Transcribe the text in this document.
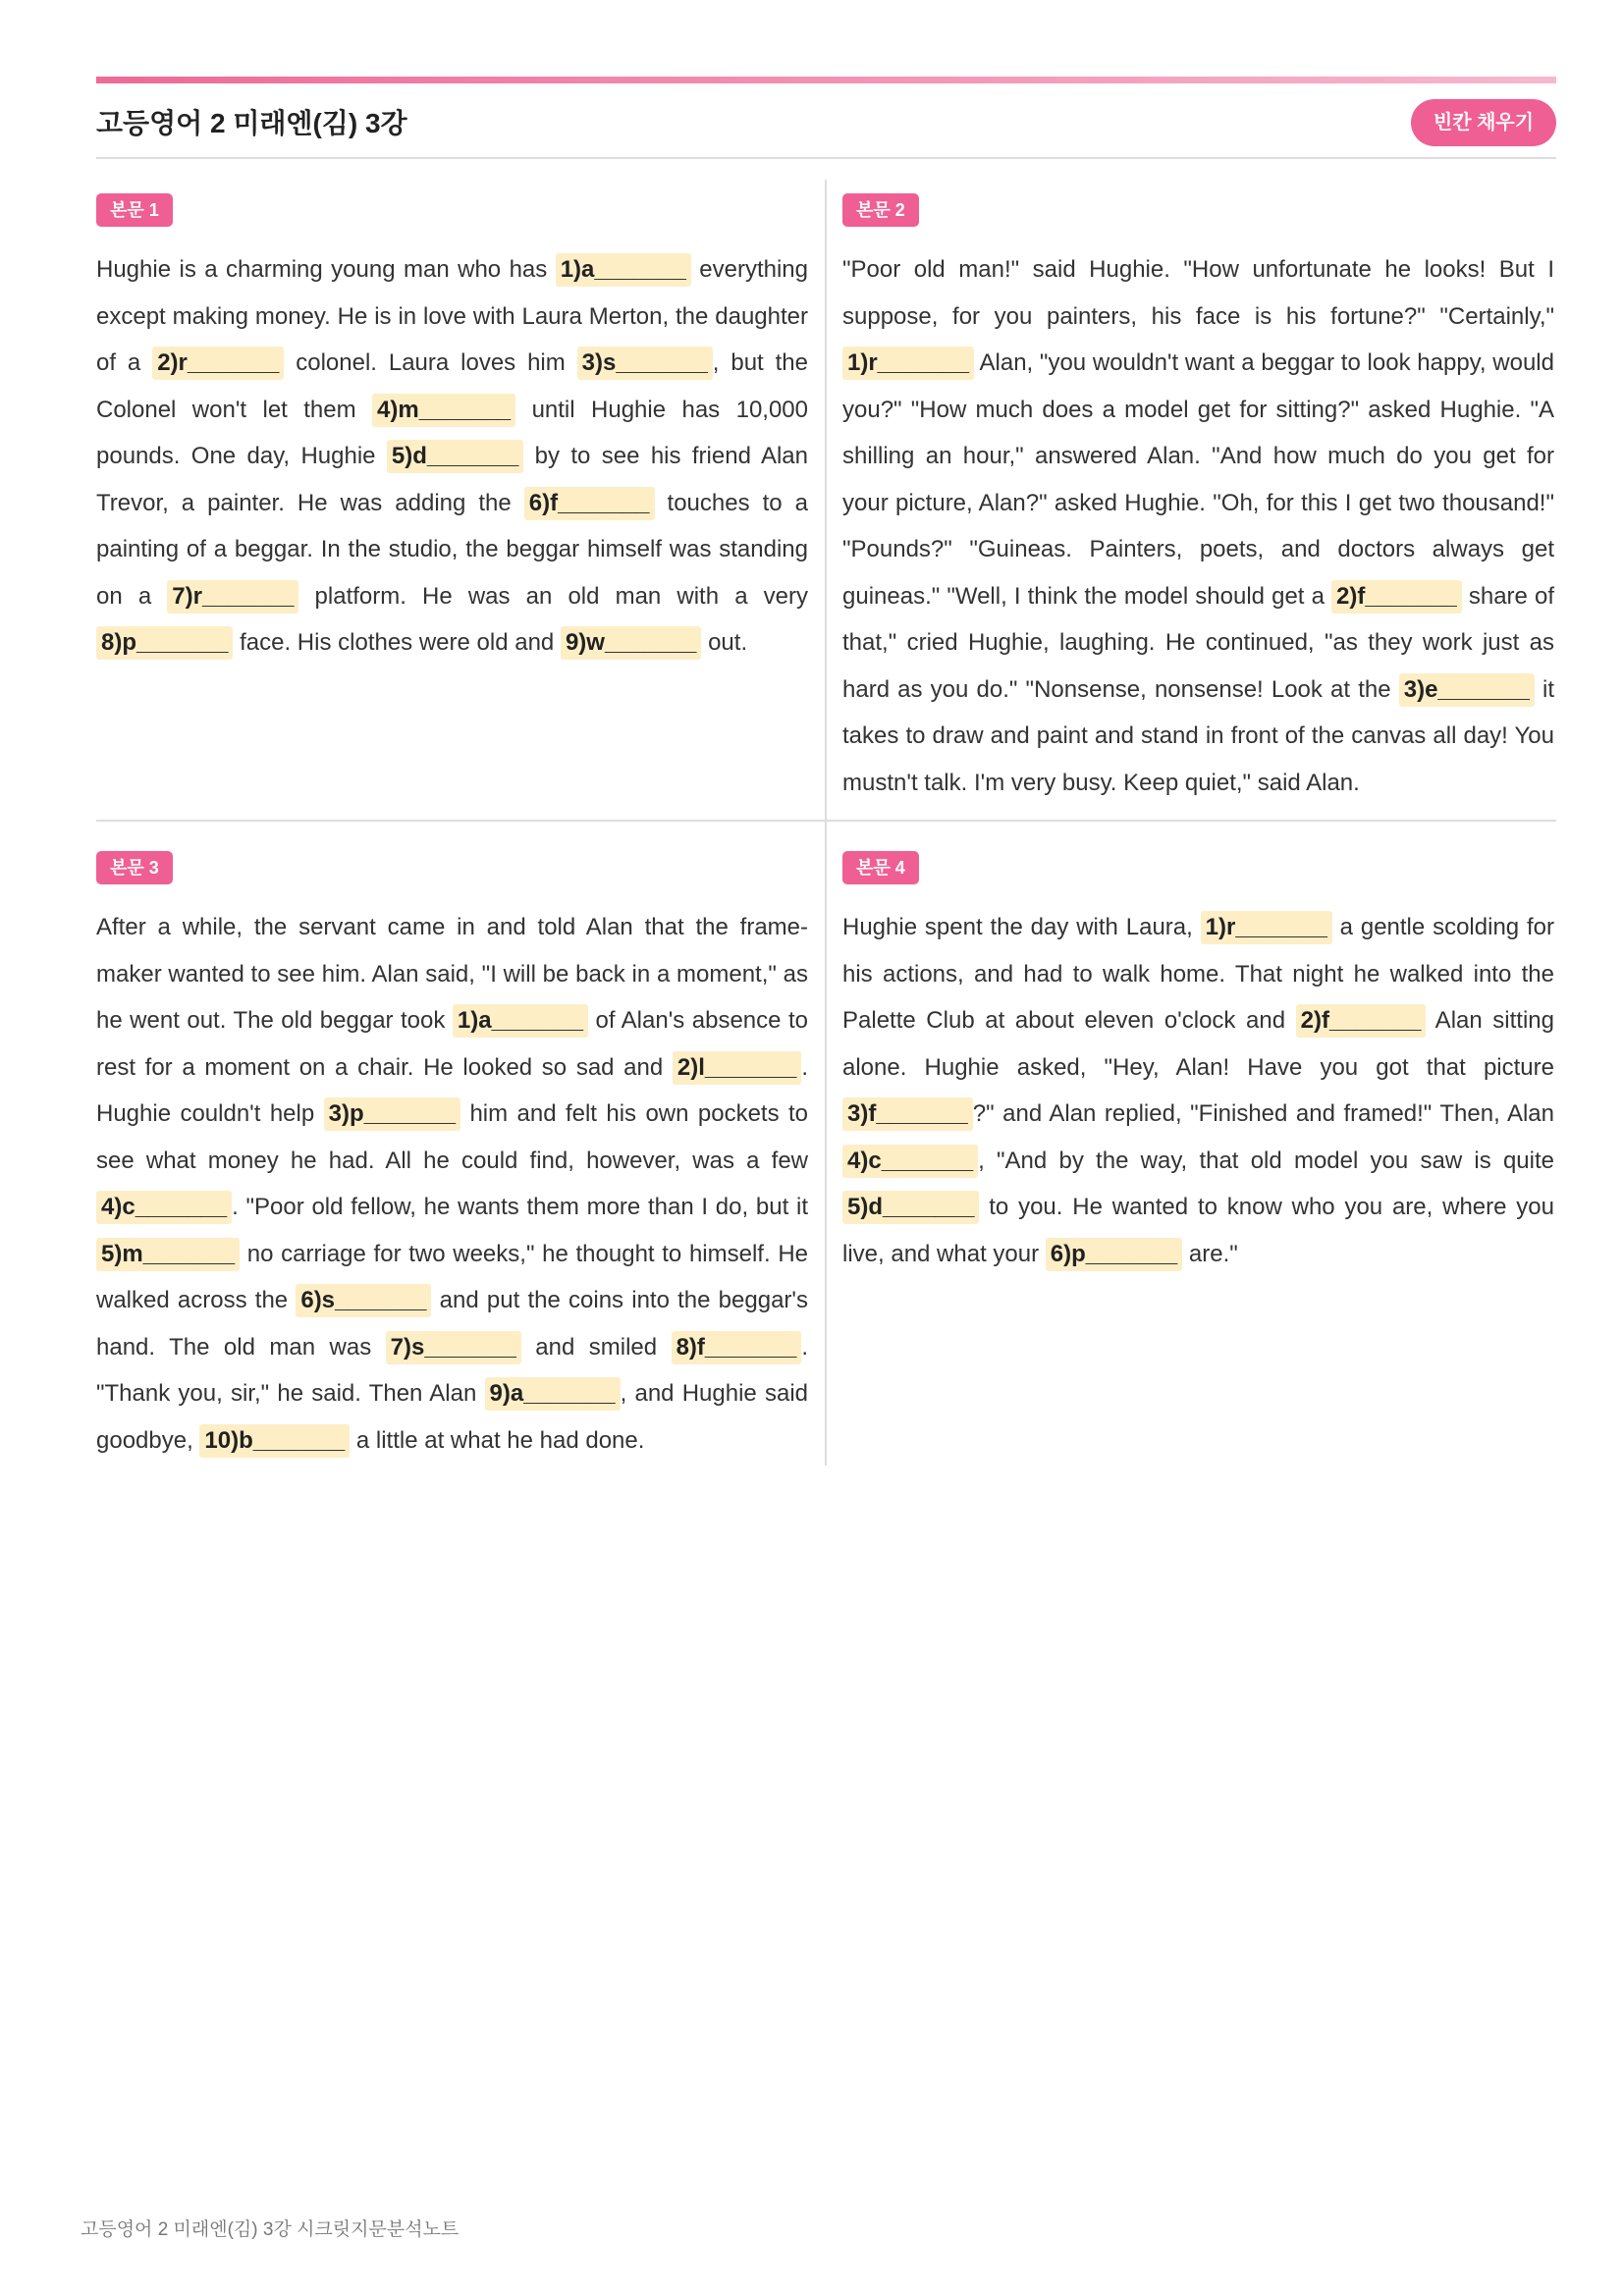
고등영어 2 미래엔(김) 3강	빈칸 채우기
본문 1

Hughie is a charming young man who has 1)a_______ everything except making money. He is in love with Laura Merton, the daughter of a 2)r_______ colonel. Laura loves him 3)s_______ , but the Colonel won't let them 4)m_______ until Hughie has 10,000 pounds. One day, Hughie 5)d_______ by to see his friend Alan Trevor, a painter. He was adding the 6)f_______ touches to a painting of a beggar. In the studio, the beggar himself was standing on a 7)r_______ platform. He was an old man with a very 8)p_______ face. His clothes were old and 9)w_______ out.

본문 2

"Poor old man!" said Hughie. "How unfortunate he looks! But I suppose, for you painters, his face is his fortune?" "Certainly," 1)r_______ Alan, "you wouldn't want a beggar to look happy, would you?" "How much does a model get for sitting?" asked Hughie. "A shilling an hour," answered Alan. "And how much do you get for your picture, Alan?" asked Hughie. "Oh, for this I get two thousand!" "Pounds?" "Guineas. Painters, poets, and doctors always get guineas." "Well, I think the model should get a 2)f_______ share of that," cried Hughie, laughing. He continued, "as they work just as hard as you do." "Nonsense, nonsense! Look at the 3)e_______ it takes to draw and paint and stand in front of the canvas all day! You mustn't talk. I'm very busy. Keep quiet," said Alan.

본문 3

After a while, the servant came in and told Alan that the frame-maker wanted to see him. Alan said, "I will be back in a moment," as he went out. The old beggar took 1)a_______ of Alan's absence to rest for a moment on a chair. He looked so sad and 2)l_______ . Hughie couldn't help 3)p_______ him and felt his own pockets to see what money he had. All he could find, however, was a few 4)c_______ . "Poor old fellow, he wants them more than I do, but it 5)m_______ no carriage for two weeks," he thought to himself. He walked across the 6)s_______ and put the coins into the beggar's hand. The old man was 7)s_______ and smiled 8)f_______ . "Thank you, sir," he said. Then Alan 9)a_______ , and Hughie said goodbye, 10)b_______ a little at what he had done.

본문 4

Hughie spent the day with Laura, 1)r_______ a gentle scolding for his actions, and had to walk home. That night he walked into the Palette Club at about eleven o'clock and 2)f_______ Alan sitting alone. Hughie asked, "Hey, Alan! Have you got that picture 3)f_______ ?" and Alan replied, "Finished and framed!" Then, Alan 4)c_______ , "And by the way, that old model you saw is quite 5)d_______ to you. He wanted to know who you are, where you live, and what your 6)p_______ are."

고등영어 2 미래엔(김) 3강 시크릿지문분석노트
